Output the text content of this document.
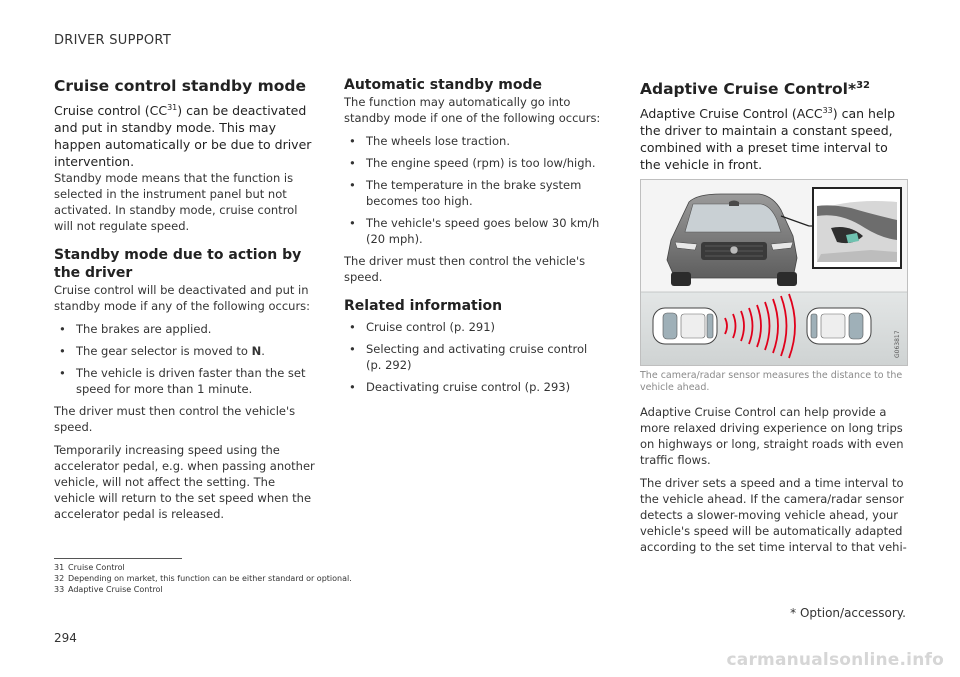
DRIVER SUPPORT
Cruise control standby mode

Cruise control (CC$^{31}$) can be deactivated and put in standby mode. This may happen automatically or be due to driver intervention.

Standby mode means that the function is selected in the instrument panel but not activated. In standby mode, cruise control will not regulate speed.

Standby mode due to action by the driver

Cruise control will be deactivated and put in standby mode if any of the following occurs:

• The brakes are applied.
• The gear selector is moved to N.
• The vehicle is driven faster than the set speed for more than 1 minute.

The driver must then control the vehicle's speed.

Temporarily increasing speed using the accelerator pedal, e.g. when passing another vehicle, will not affect the setting. The vehicle will return to the set speed when the accelerator pedal is released.

Automatic standby mode

The function may automatically go into standby mode if one of the following occurs:

• The wheels lose traction.
• The engine speed (rpm) is too low/high.
• The temperature in the brake system becomes too high.
• The vehicle's speed goes below 30 km/h (20 mph).

The driver must then control the vehicle's speed.

Related information
• Cruise control (p. 291)
• Selecting and activating cruise control (p. 292)
• Deactivating cruise control (p. 293)
Adaptive Cruise Control*$^{32}$

Adaptive Cruise Control (ACC$^{33}$) can help the driver to maintain a constant speed, combined with a preset time interval to the vehicle in front.

G063817
The camera/radar sensor measures the distance to the vehicle ahead.

Adaptive Cruise Control can help provide a more relaxed driving experience on long trips on highways or long, straight roads with even traffic flows.

The driver sets a speed and a time interval to the vehicle ahead. If the camera/radar sensor detects a slower-moving vehicle ahead, your vehicle's speed will be automatically adapted according to the set time interval to that vehi-

31 Cruise Control
32 Depending on market, this function can be either standard or optional.
33 Adaptive Cruise Control
* Option/accessory.
294
carmanualsonline.info
